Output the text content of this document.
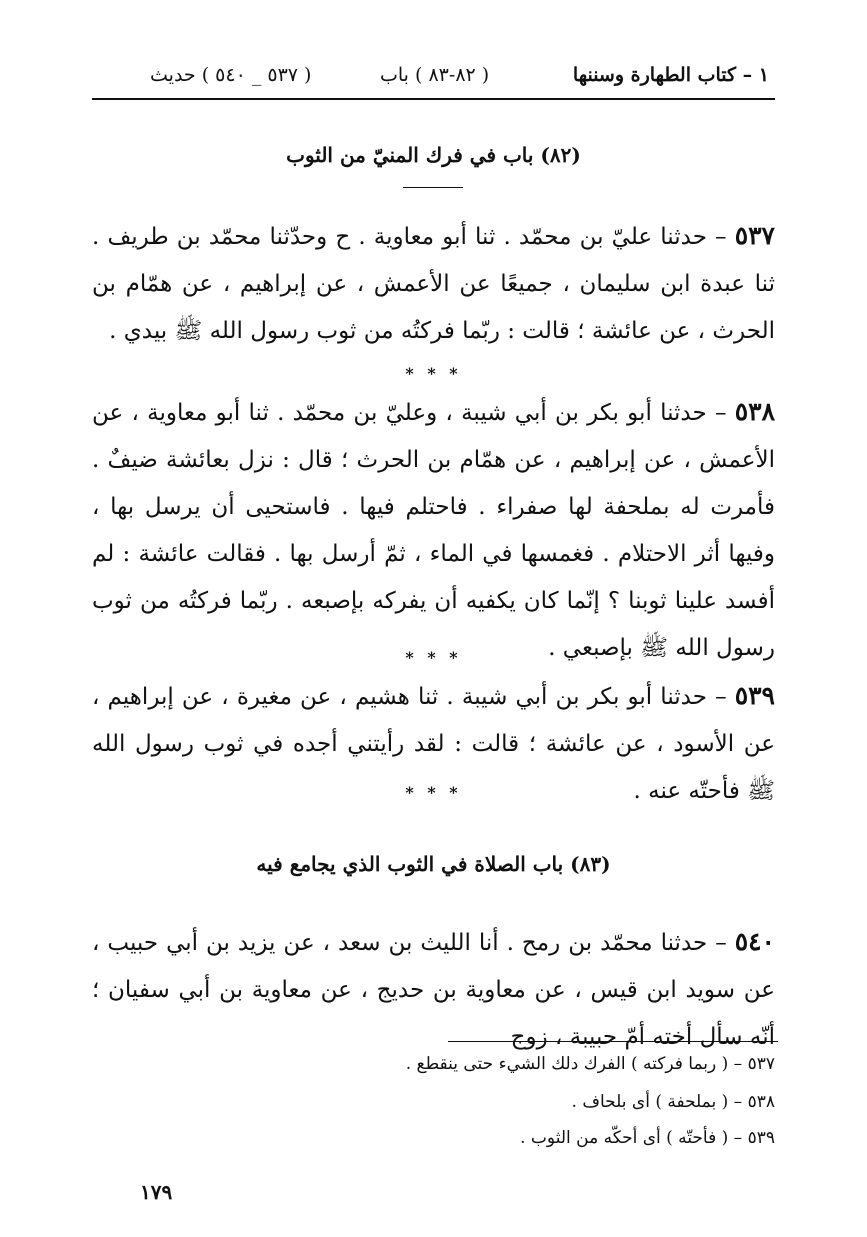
١ – كتاب الطهارة وسننها
( ٨٢-٨٣ ) باب
( ٥٣٧ _ ٥٤٠ ) حديث
(٨٢) باب في فرك المنيّ من الثوب
٥٣٧ – حدثنا عليّ بن محمّد . ثنا أبو معاوية . ح وحدّثنا محمّد بن طريف . ثنا عبدة ابن سليمان ، جميعًا عن الأعمش ، عن إبراهيم ، عن همّام بن الحرث ، عن عائشة ؛ قالت : ربّما فركتُه من ثوب رسول الله ﷺ بيدي .
* * *
٥٣٨ – حدثنا أبو بكر بن أبي شيبة ، وعليّ بن محمّد . ثنا أبو معاوية ، عن الأعمش ، عن إبراهيم ، عن همّام بن الحرث ؛ قال : نزل بعائشة ضيفٌ . فأمرت له بملحفة لها صفراء . فاحتلم فيها . فاستحيى أن يرسل بها ، وفيها أثر الاحتلام . فغمسها في الماء ، ثمّ أرسل بها . فقالت عائشة : لم أفسد علينا ثوبنا ؟ إنّما كان يكفيه أن يفركه بإصبعه . ربّما فركتُه من ثوب رسول الله ﷺ بإصبعي .
* * *
٥٣٩ – حدثنا أبو بكر بن أبي شيبة . ثنا هشيم ، عن مغيرة ، عن إبراهيم ، عن الأسود ، عن عائشة ؛ قالت : لقد رأيتني أجده في ثوب رسول الله ﷺ فأحتّه عنه .
* * *
(٨٣) باب الصلاة في الثوب الذي يجامع فيه
٥٤٠ – حدثنا محمّد بن رمح . أنا الليث بن سعد ، عن يزيد بن أبي حبيب ، عن سويد ابن قيس ، عن معاوية بن حديج ، عن معاوية بن أبي سفيان ؛ أنّه سأل أخته أمّ حبيبة ، زوج
٥٣٧ – ( ربما فركته ) الفرك دلك الشيء حتى ينقطع .
٥٣٨ – ( بملحفة ) أى بلحاف .
٥٣٩ – ( فأحتّه ) أى أحكّه من الثوب .
١٧٩
